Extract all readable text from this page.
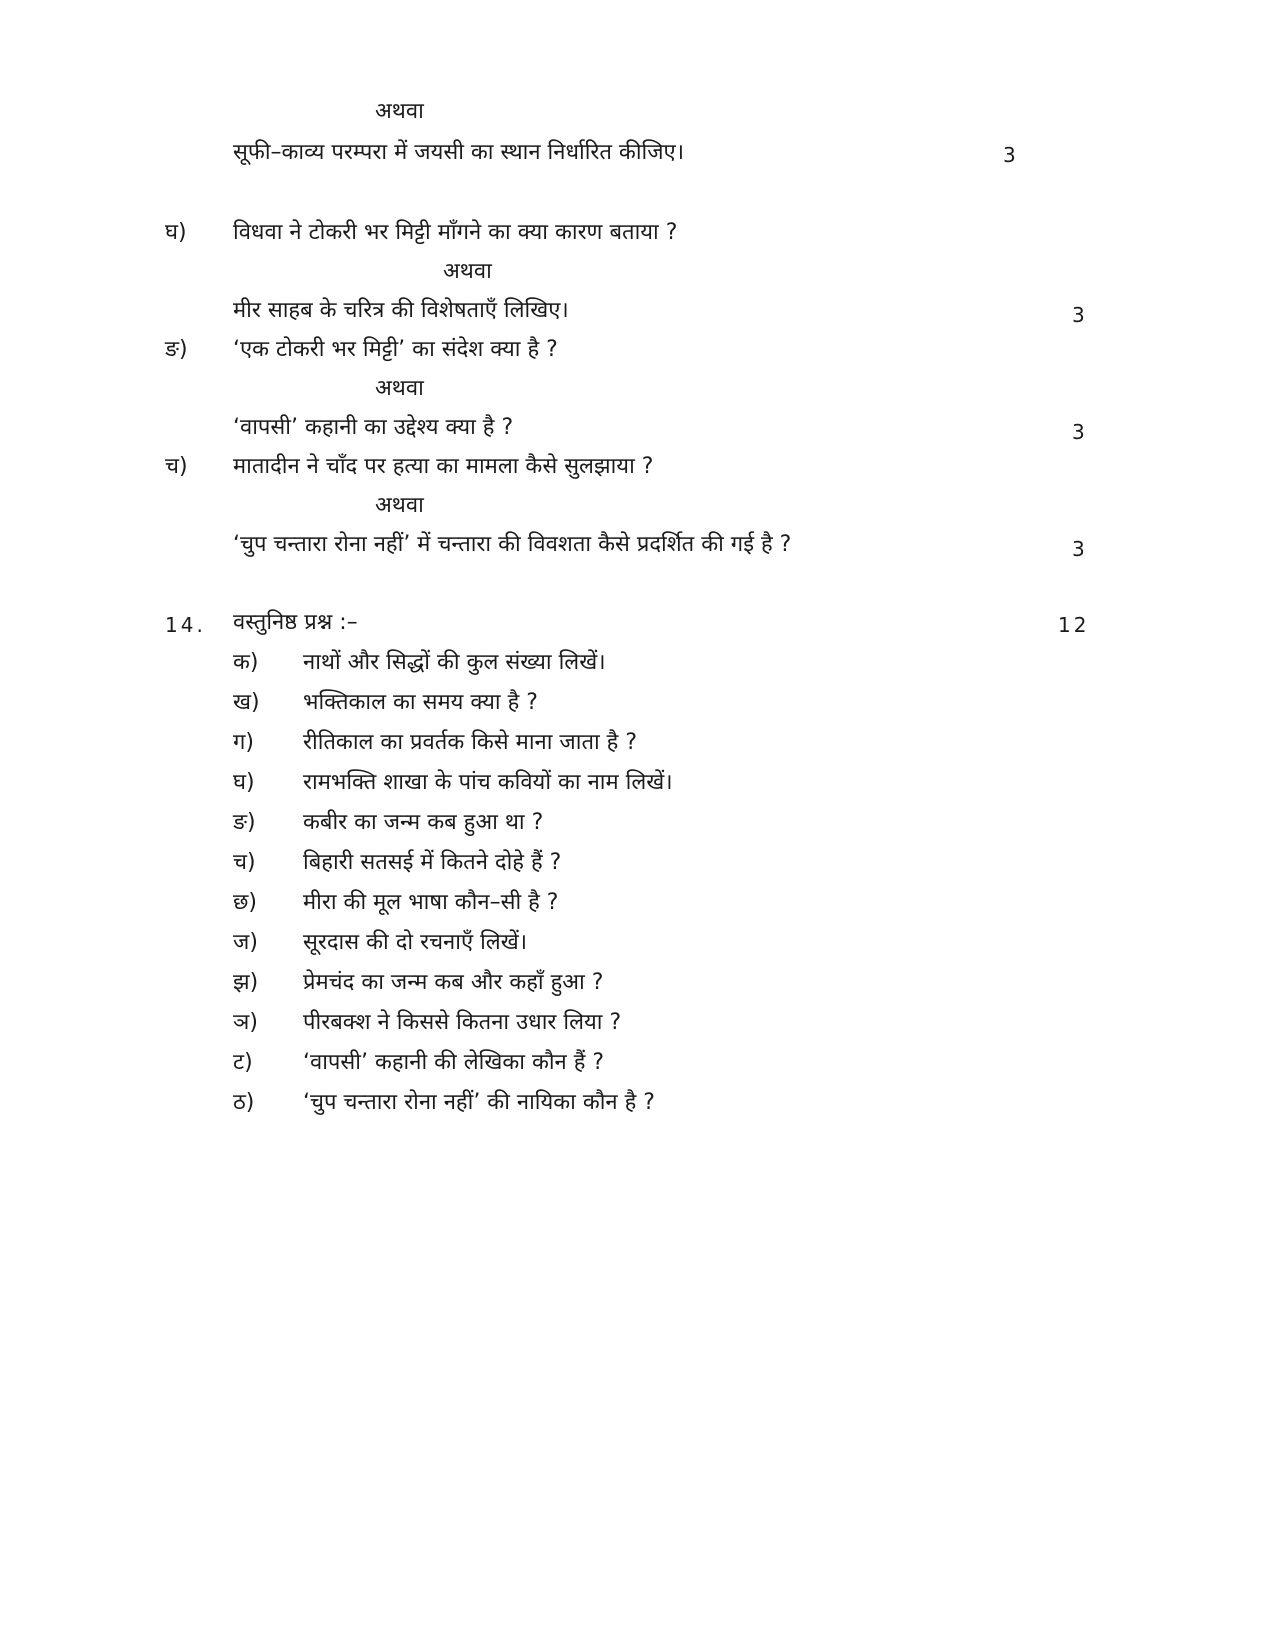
अथवा
सूफी–काव्य परम्परा में जयसी का स्थान निर्धारित कीजिए।	3
घ) विधवा ने टोकरी भर मिट्टी माँगने का क्या कारण बताया ?
अथवा
मीर साहब के चरित्र की विशेषताएँ लिखिए।	3
ङ) ‘एक टोकरी भर मिट्टी’ का संदेश क्या है ?
अथवा
‘वापसी’ कहानी का उद्देश्य क्या है ?	3
च) मातादीन ने चाँद पर हत्या का मामला कैसे सुलझाया ?
अथवा
‘चुप चन्तारा रोना नहीं’ में चन्तारा की विवशता कैसे प्रदर्शित की गई है ?	3
14. वस्तुनिष्ठ प्रश्न :–	12
क) नाथों और सिद्धों की कुल संख्या लिखें।
ख) भक्तिकाल का समय क्या है ?
ग) रीतिकाल का प्रवर्तक किसे माना जाता है ?
घ) रामभक्ति शाखा के पांच कवियों का नाम लिखें।
ङ) कबीर का जन्म कब हुआ था ?
च) बिहारी सतसई में कितने दोहे हैं ?
छ) मीरा की मूल भाषा कौन–सी है ?
ज) सूरदास की दो रचनाएँ लिखें।
झ) प्रेमचंद का जन्म कब और कहाँ हुआ ?
ञ) पीरबक्श ने किससे कितना उधार लिया ?
ट) ‘वापसी’ कहानी की लेखिका कौन हैं ?
ठ) ‘चुप चन्तारा रोना नहीं’ की नायिका कौन है ?
